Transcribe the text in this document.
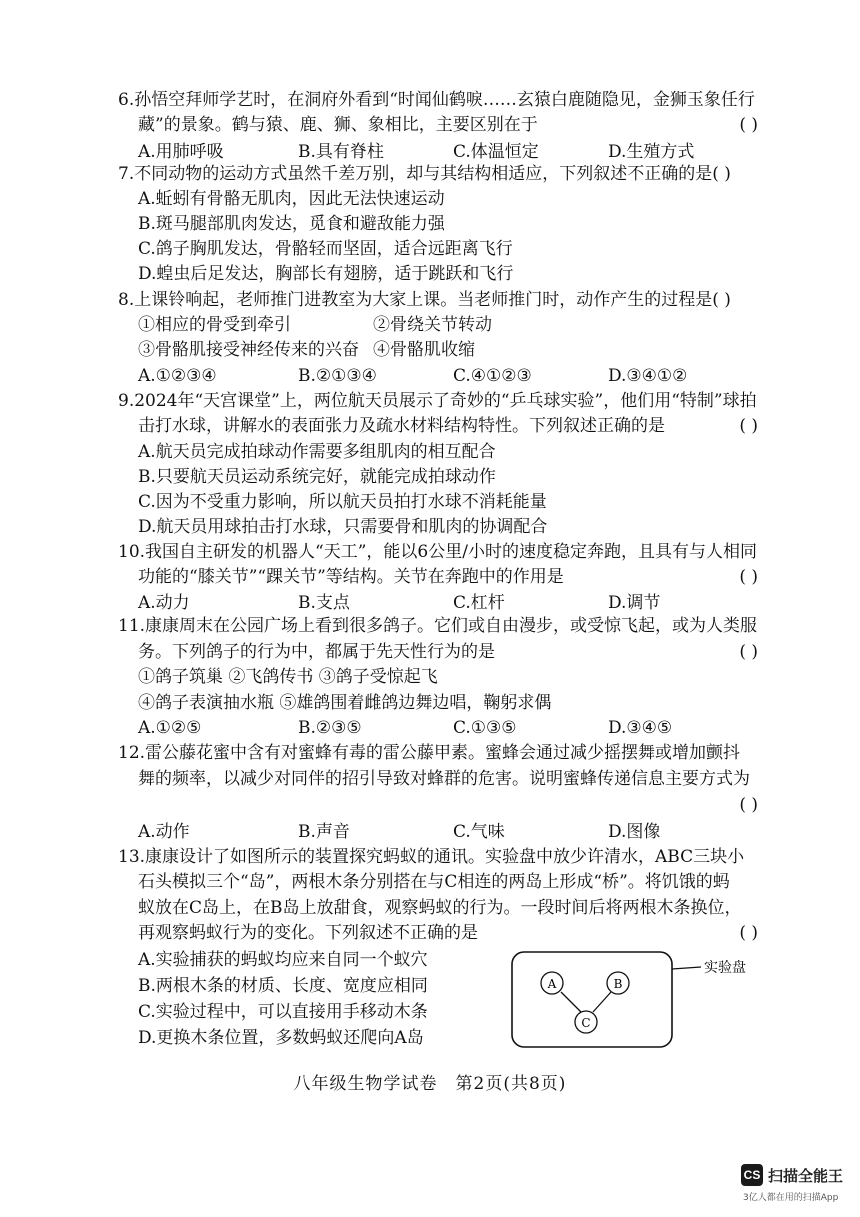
6.孙悟空拜师学艺时，在洞府外看到“时闻仙鹤唳……玄猿白鹿随隐见，金狮玉象任行
藏”的景象。鹤与猿、鹿、狮、象相比，主要区别在于	( )
A.用肺呼吸	B.具有脊柱	C.体温恒定	D.生殖方式
7.不同动物的运动方式虽然千差万别，却与其结构相适应，下列叙述不正确的是( )
A.蚯蚓有骨骼无肌肉，因此无法快速运动
B.斑马腿部肌肉发达，觅食和避敌能力强
C.鸽子胸肌发达，骨骼轻而坚固，适合远距离飞行
D.蝗虫后足发达，胸部长有翅膀，适于跳跃和飞行
8.上课铃响起，老师推门进教室为大家上课。当老师推门时，动作产生的过程是( )
①相应的骨受到牵引	②骨绕关节转动
③骨骼肌接受神经传来的兴奋 ④骨骼肌收缩
A.①②③④	B.②①③④	C.④①②③	D.③④①②
9.2024年“天宫课堂”上，两位航天员展示了奇妙的“乒乓球实验”，他们用“特制”球拍
击打水球，讲解水的表面张力及疏水材料结构特性。下列叙述正确的是	( )
A.航天员完成拍球动作需要多组肌肉的相互配合
B.只要航天员运动系统完好，就能完成拍球动作
C.因为不受重力影响，所以航天员拍打水球不消耗能量
D.航天员用球拍击打水球，只需要骨和肌肉的协调配合
10.我国自主研发的机器人“天工”，能以6公里/小时的速度稳定奔跑，且具有与人相同
功能的“膝关节”“踝关节”等结构。关节在奔跑中的作用是	( )
A.动力	B.支点	C.杠杆	D.调节
11.康康周末在公园广场上看到很多鸽子。它们或自由漫步，或受惊飞起，或为人类服
务。下列鸽子的行为中，都属于先天性行为的是	( )
①鸽子筑巢 ②飞鸽传书 ③鸽子受惊起飞
④鸽子表演抽水瓶 ⑤雄鸽围着雌鸽边舞边唱，鞠躬求偶
A.①②⑤	B.②③⑤	C.①③⑤	D.③④⑤
12.雷公藤花蜜中含有对蜜蜂有毒的雷公藤甲素。蜜蜂会通过减少摇摆舞或增加颤抖
舞的频率，以减少对同伴的招引导致对蜂群的危害。说明蜜蜂传递信息主要方式为
( )
A.动作	B.声音	C.气味	D.图像
13.康康设计了如图所示的装置探究蚂蚁的通讯。实验盘中放少许清水，ABC三块小
石头模拟三个“岛”，两根木条分别搭在与C相连的两岛上形成“桥”。将饥饿的蚂
蚁放在C岛上，在B岛上放甜食，观察蚂蚁的行为。一段时间后将两根木条换位，
再观察蚂蚁行为的变化。下列叙述不正确的是	( )
A.实验捕获的蚂蚁均应来自同一个蚁穴
B.两根木条的材质、长度、宽度应相同
C.实验过程中，可以直接用手移动木条
D.更换木条位置，多数蚂蚁还爬向A岛
实验盘
A	B
C
八年级生物学试卷　第2页(共8页)
CS 扫描全能王
3亿人都在用的扫描App
